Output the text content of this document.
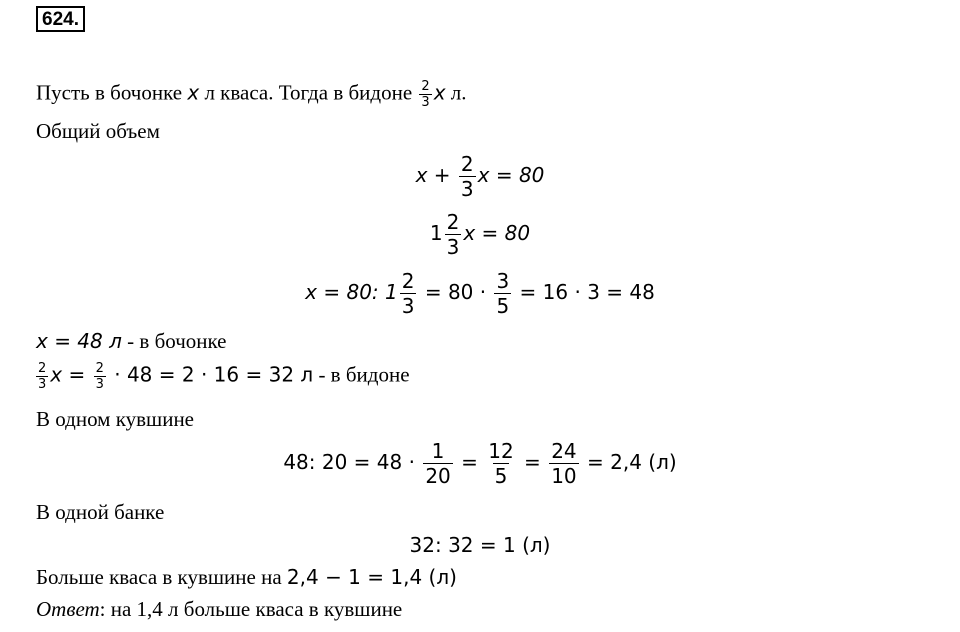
624.
Пусть в бочонке x л кваса. Тогда в бидоне $\frac{2}{3}$ x л.
Общий объем
$x + \frac{2}{3}$ x = 80
$1 \frac{2}{3}$ x = 80
x = 80: $1 \frac{2}{3} = 80 \cdot \frac{3}{5} = 16 \cdot 3 = 48$
x = 48 л - в бочонке
$\frac{2}{3}$ $x = \frac{2}{3} \cdot 48 = 2 \cdot 16 = 32$ л - в бидоне
В одном кувшине
48: $20 = 48 \cdot \frac{1}{20} = \frac{12}{5} = \frac{24}{10} = 2,4$ (л)
В одной банке
32: 32 = 1 (л)
Больше кваса в кувшине на 2,4 − 1 = 1,4 (л)
Ответ: на 1,4 л больше кваса в кувшине
